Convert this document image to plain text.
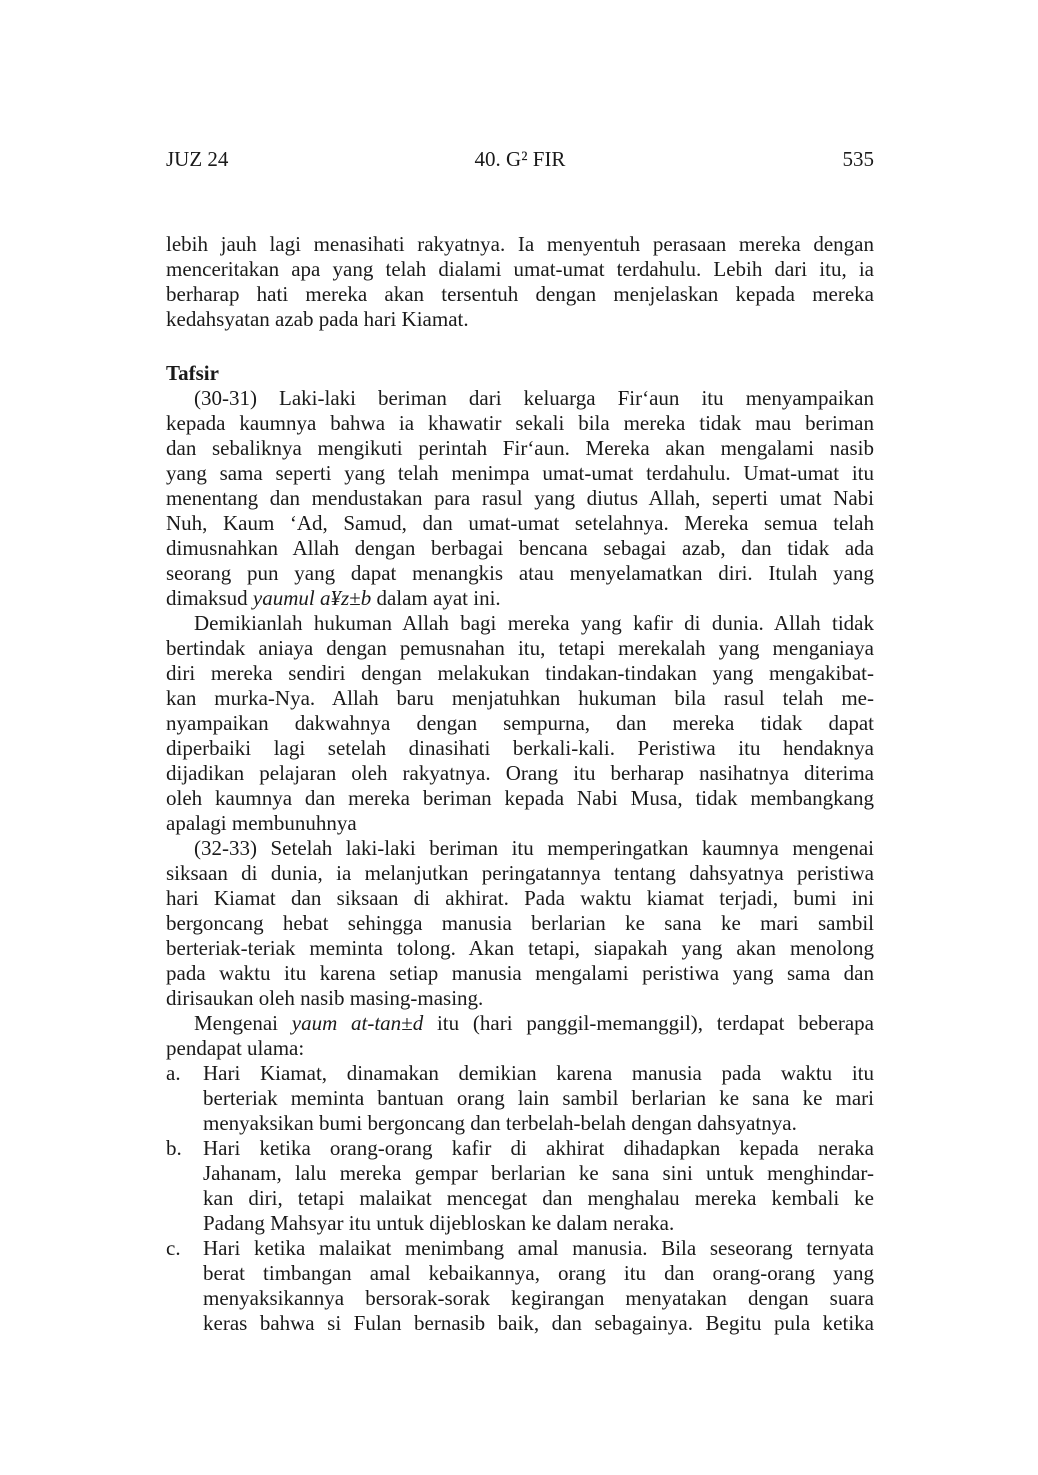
JUZ 24	40. G² FIR	535
lebih jauh lagi menasihati rakyatnya. Ia menyentuh perasaan mereka dengan
menceritakan apa yang telah dialami umat-umat terdahulu. Lebih dari itu, ia
berharap hati mereka akan tersentuh dengan menjelaskan kepada mereka
kedahsyatan azab pada hari Kiamat.
Tafsir
(30-31) Laki-laki beriman dari keluarga Fir‘aun itu menyampaikan
kepada kaumnya bahwa ia khawatir sekali bila mereka tidak mau beriman
dan sebaliknya mengikuti perintah Fir‘aun. Mereka akan mengalami nasib
yang sama seperti yang telah menimpa umat-umat terdahulu. Umat-umat itu
menentang dan mendustakan para rasul yang diutus Allah, seperti umat Nabi
Nuh, Kaum ‘Ad, Samud, dan umat-umat setelahnya. Mereka semua telah
dimusnahkan Allah dengan berbagai bencana sebagai azab, dan tidak ada
seorang pun yang dapat menangkis atau menyelamatkan diri. Itulah yang
dimaksud yaumul a¥z±b dalam ayat ini.
Demikianlah hukuman Allah bagi mereka yang kafir di dunia. Allah tidak
bertindak aniaya dengan pemusnahan itu, tetapi merekalah yang menganiaya
diri mereka sendiri dengan melakukan tindakan-tindakan yang mengakibat-
kan murka-Nya. Allah baru menjatuhkan hukuman bila rasul telah me-
nyampaikan dakwahnya dengan sempurna, dan mereka tidak dapat
diperbaiki lagi setelah dinasihati berkali-kali. Peristiwa itu hendaknya
dijadikan pelajaran oleh rakyatnya. Orang itu berharap nasihatnya diterima
oleh kaumnya dan mereka beriman kepada Nabi Musa, tidak membangkang
apalagi membunuhnya
(32-33) Setelah laki-laki beriman itu memperingatkan kaumnya mengenai
siksaan di dunia, ia melanjutkan peringatannya tentang dahsyatnya peristiwa
hari Kiamat dan siksaan di akhirat. Pada waktu kiamat terjadi, bumi ini
bergoncang hebat sehingga manusia berlarian ke sana ke mari sambil
berteriak-teriak meminta tolong. Akan tetapi, siapakah yang akan menolong
pada waktu itu karena setiap manusia mengalami peristiwa yang sama dan
dirisaukan oleh nasib masing-masing.
Mengenai yaum at-tan±d itu (hari panggil-memanggil), terdapat beberapa
pendapat ulama:
a. Hari Kiamat, dinamakan demikian karena manusia pada waktu itu
berteriak meminta bantuan orang lain sambil berlarian ke sana ke mari
menyaksikan bumi bergoncang dan terbelah-belah dengan dahsyatnya.
b. Hari ketika orang-orang kafir di akhirat dihadapkan kepada neraka
Jahanam, lalu mereka gempar berlarian ke sana sini untuk menghindar-
kan diri, tetapi malaikat mencegat dan menghalau mereka kembali ke
Padang Mahsyar itu untuk dijebloskan ke dalam neraka.
c. Hari ketika malaikat menimbang amal manusia. Bila seseorang ternyata
berat timbangan amal kebaikannya, orang itu dan orang-orang yang
menyaksikannya bersorak-sorak kegirangan menyatakan dengan suara
keras bahwa si Fulan bernasib baik, dan sebagainya. Begitu pula ketika
